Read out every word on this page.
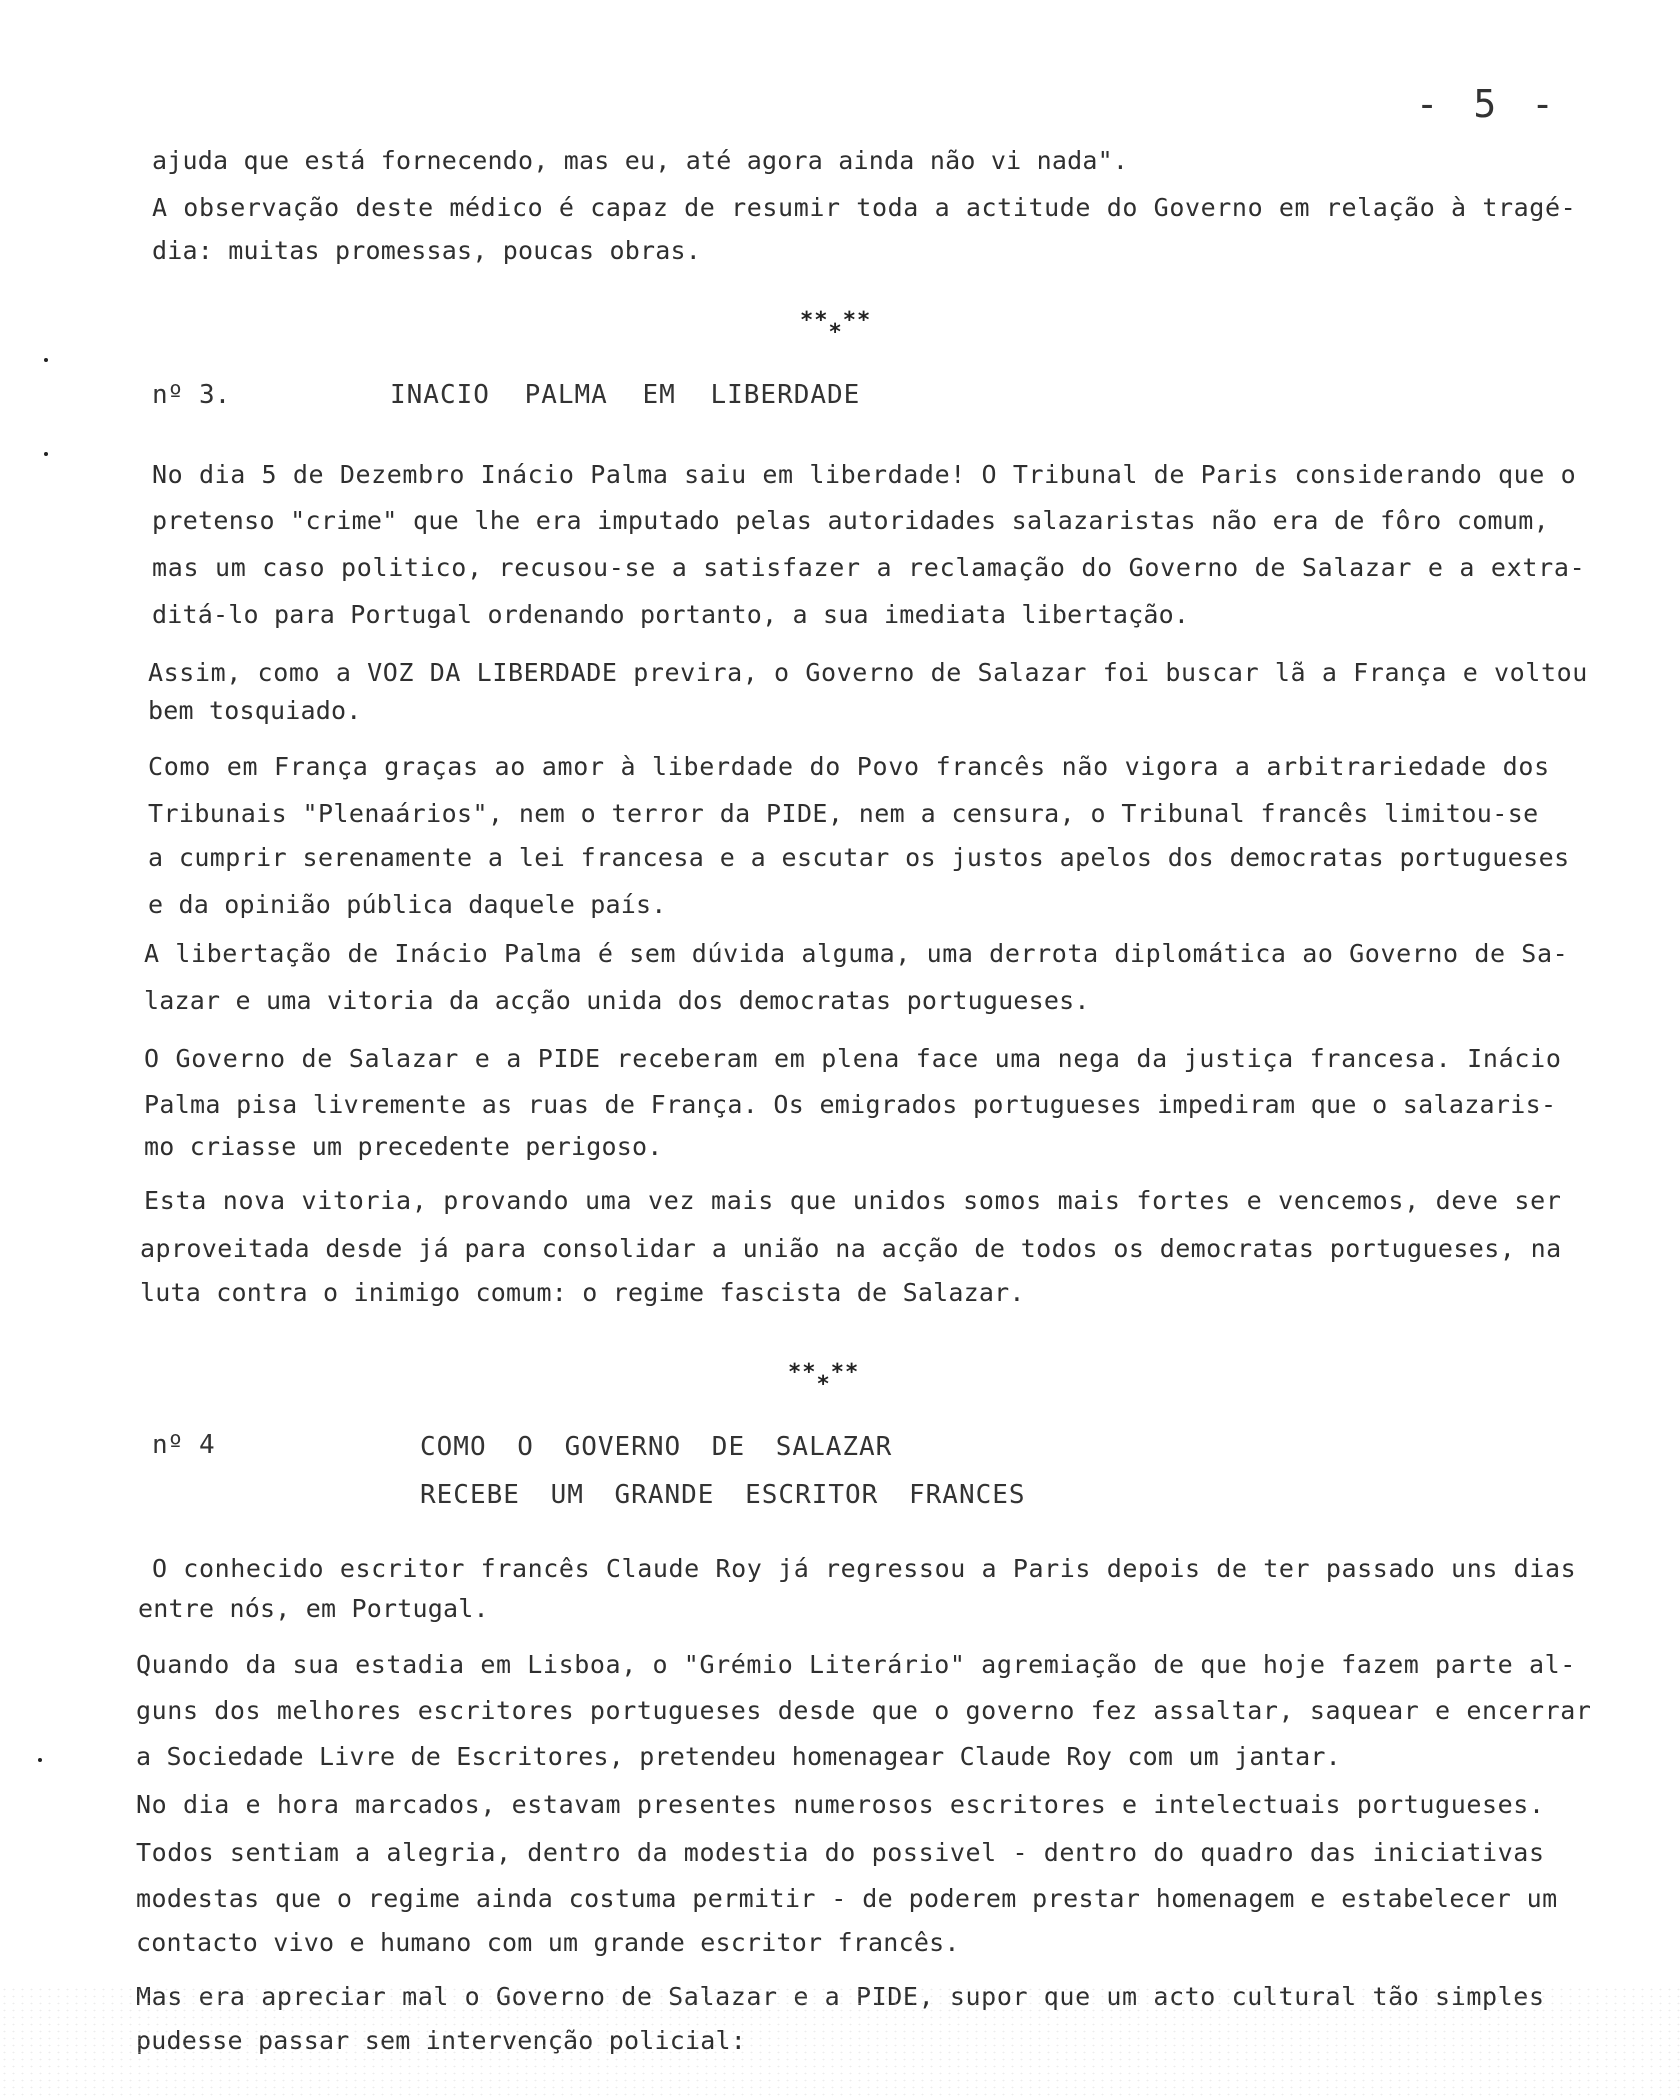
- 5 -
ajuda que está fornecendo, mas eu, até agora ainda não vi nada".
A observação deste médico é capaz de resumir toda a actitude do Governo em relação à tragé-
dia: muitas promessas, poucas obras.
*****
nº 3.	INACIO PALMA EM LIBERDADE
No dia 5 de Dezembro Inácio Palma saiu em liberdade! O Tribunal de Paris considerando que o
pretenso "crime" que lhe era imputado pelas autoridades salazaristas não era de fôro comum,
mas um caso politico, recusou-se a satisfazer a reclamação do Governo de Salazar e a extra-
ditá-lo para Portugal ordenando portanto, a sua imediata libertação.
Assim, como a VOZ DA LIBERDADE previra, o Governo de Salazar foi buscar lã a França e voltou
bem tosquiado.
Como em França graças ao amor à liberdade do Povo francês não vigora a arbitrariedade dos
Tribunais "Plenaários", nem o terror da PIDE, nem a censura, o Tribunal francês limitou-se
a cumprir serenamente a lei francesa e a escutar os justos apelos dos democratas portugueses
e da opinião pública daquele país.
A libertação de Inácio Palma é sem dúvida alguma, uma derrota diplomática ao Governo de Sa-
lazar e uma vitoria da acção unida dos democratas portugueses.
O Governo de Salazar e a PIDE receberam em plena face uma nega da justiça francesa. Inácio
Palma pisa livremente as ruas de França. Os emigrados portugueses impediram que o salazaris-
mo criasse um precedente perigoso.
Esta nova vitoria, provando uma vez mais que unidos somos mais fortes e vencemos, deve ser
aproveitada desde já para consolidar a união na acção de todos os democratas portugueses, na
luta contra o inimigo comum: o regime fascista de Salazar.
*****
nº 4	COMO O GOVERNO DE SALAZAR
RECEBE UM GRANDE ESCRITOR FRANCES
O conhecido escritor francês Claude Roy já regressou a Paris depois de ter passado uns dias
entre nós, em Portugal.
Quando da sua estadia em Lisboa, o "Grémio Literário" agremiação de que hoje fazem parte al-
guns dos melhores escritores portugueses desde que o governo fez assaltar, saquear e encerrar
a Sociedade Livre de Escritores, pretendeu homenagear Claude Roy com um jantar.
No dia e hora marcados, estavam presentes numerosos escritores e intelectuais portugueses.
Todos sentiam a alegria, dentro da modestia do possivel - dentro do quadro das iniciativas
modestas que o regime ainda costuma permitir - de poderem prestar homenagem e estabelecer um
contacto vivo e humano com um grande escritor francês.
Mas era apreciar mal o Governo de Salazar e a PIDE, supor que um acto cultural tão simples
pudesse passar sem intervenção policial:
